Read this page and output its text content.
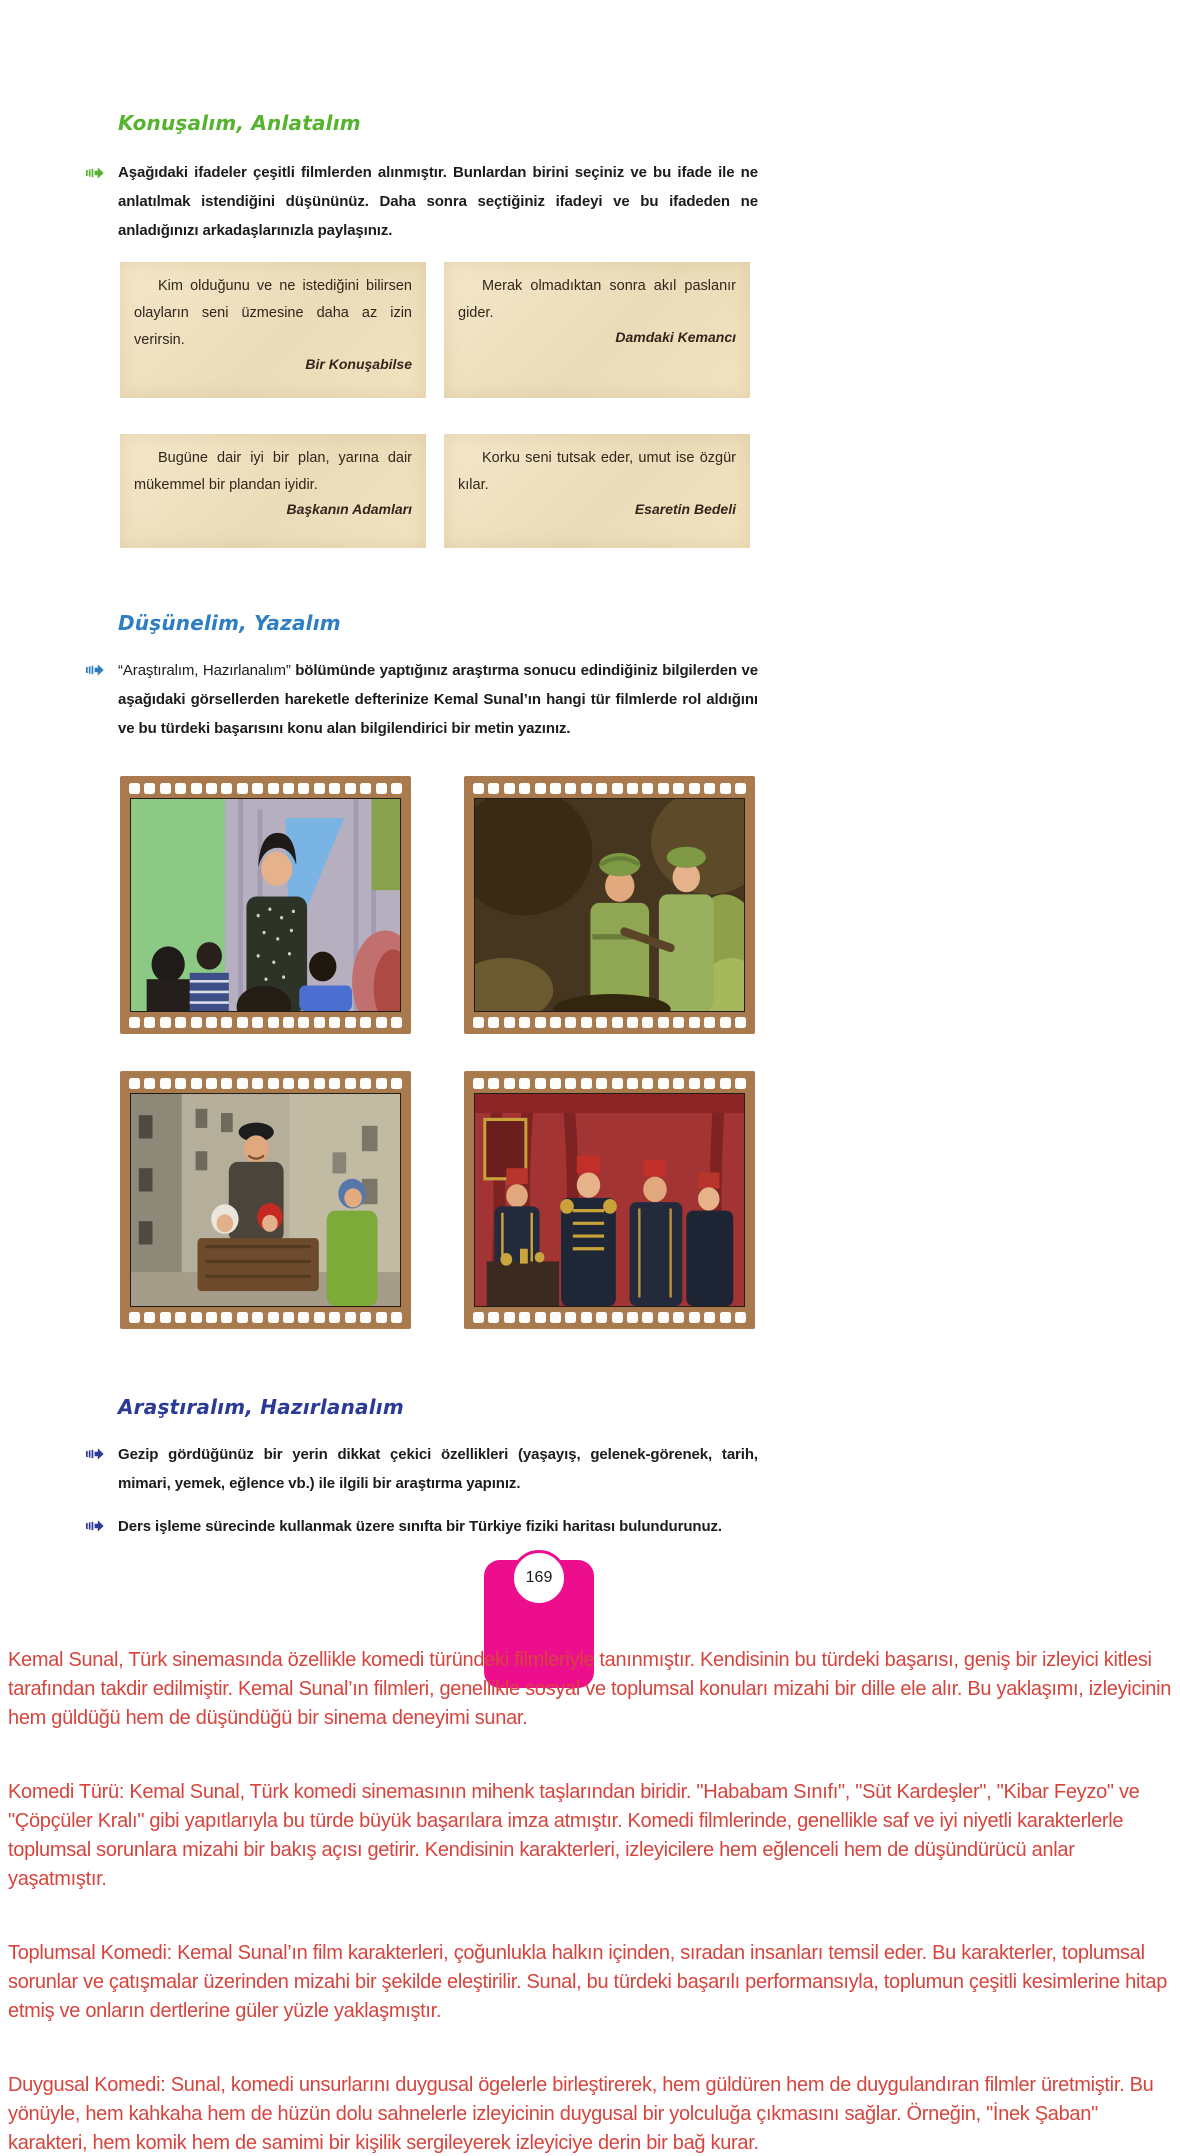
Konuşalım, Anlatalım

Aşağıdaki ifadeler çeşitli filmlerden alınmıştır. Bunlardan birini seçiniz ve bu ifade ile ne anlatılmak istendiğini düşününüz. Daha sonra seçtiğiniz ifadeyi ve bu ifadeden ne anladığınızı arkadaşlarınızla paylaşınız.

Kim olduğunu ve ne istediğini bilirsen olayların seni üzmesine daha az izin verirsin.

Bir Konuşabilse

Merak olmadıktan sonra akıl paslanır gider.

Damdaki Kemancı

Bugüne dair iyi bir plan, yarına dair mükemmel bir plandan iyidir.

Başkanın Adamları

Korku seni tutsak eder, umut ise özgür kılar.

Esaretin Bedeli

Düşünelim, Yazalım

“Araştıralım, Hazırlanalım” bölümünde yaptığınız araştırma sonucu edindiğiniz bilgilerden ve aşağıdaki görsellerden hareketle defterinize Kemal Sunal’ın hangi tür filmlerde rol aldığını ve bu türdeki başarısını konu alan bilgilendirici bir metin yazınız.

Araştıralım, Hazırlanalım

Gezip gördüğünüz bir yerin dikkat çekici özellikleri (yaşayış, gelenek-görenek, tarih, mimari, yemek, eğlence vb.) ile ilgili bir araştırma yapınız.

Ders işleme sürecinde kullanmak üzere sınıfta bir Türkiye fiziki haritası bulundurunuz.

169

Kemal Sunal, Türk sinemasında özellikle komedi türündeki filmleriyle tanınmıştır. Kendisinin bu türdeki başarısı, geniş bir izleyici kitlesi tarafından takdir edilmiştir. Kemal Sunal’ın filmleri, genellikle sosyal ve toplumsal konuları mizahi bir dille ele alır. Bu yaklaşımı, izleyicinin hem güldüğü hem de düşündüğü bir sinema deneyimi sunar.

Komedi Türü: Kemal Sunal, Türk komedi sinemasının mihenk taşlarından biridir. "Hababam Sınıfı", "Süt Kardeşler", "Kibar Feyzo" ve "Çöpçüler Kralı" gibi yapıtlarıyla bu türde büyük başarılara imza atmıştır. Komedi filmlerinde, genellikle saf ve iyi niyetli karakterlerle toplumsal sorunlara mizahi bir bakış açısı getirir. Kendisinin karakterleri, izleyicilere hem eğlenceli hem de düşündürücü anlar yaşatmıştır.

Toplumsal Komedi: Kemal Sunal’ın film karakterleri, çoğunlukla halkın içinden, sıradan insanları temsil eder. Bu karakterler, toplumsal sorunlar ve çatışmalar üzerinden mizahi bir şekilde eleştirilir. Sunal, bu türdeki başarılı performansıyla, toplumun çeşitli kesimlerine hitap etmiş ve onların dertlerine güler yüzle yaklaşmıştır.

Duygusal Komedi: Sunal, komedi unsurlarını duygusal ögelerle birleştirerek, hem güldüren hem de duygulandıran filmler üretmiştir. Bu yönüyle, hem kahkaha hem de hüzün dolu sahnelerle izleyicinin duygusal bir yolculuğa çıkmasını sağlar. Örneğin, "İnek Şaban" karakteri, hem komik hem de samimi bir kişilik sergileyerek izleyiciye derin bir bağ kurar.
